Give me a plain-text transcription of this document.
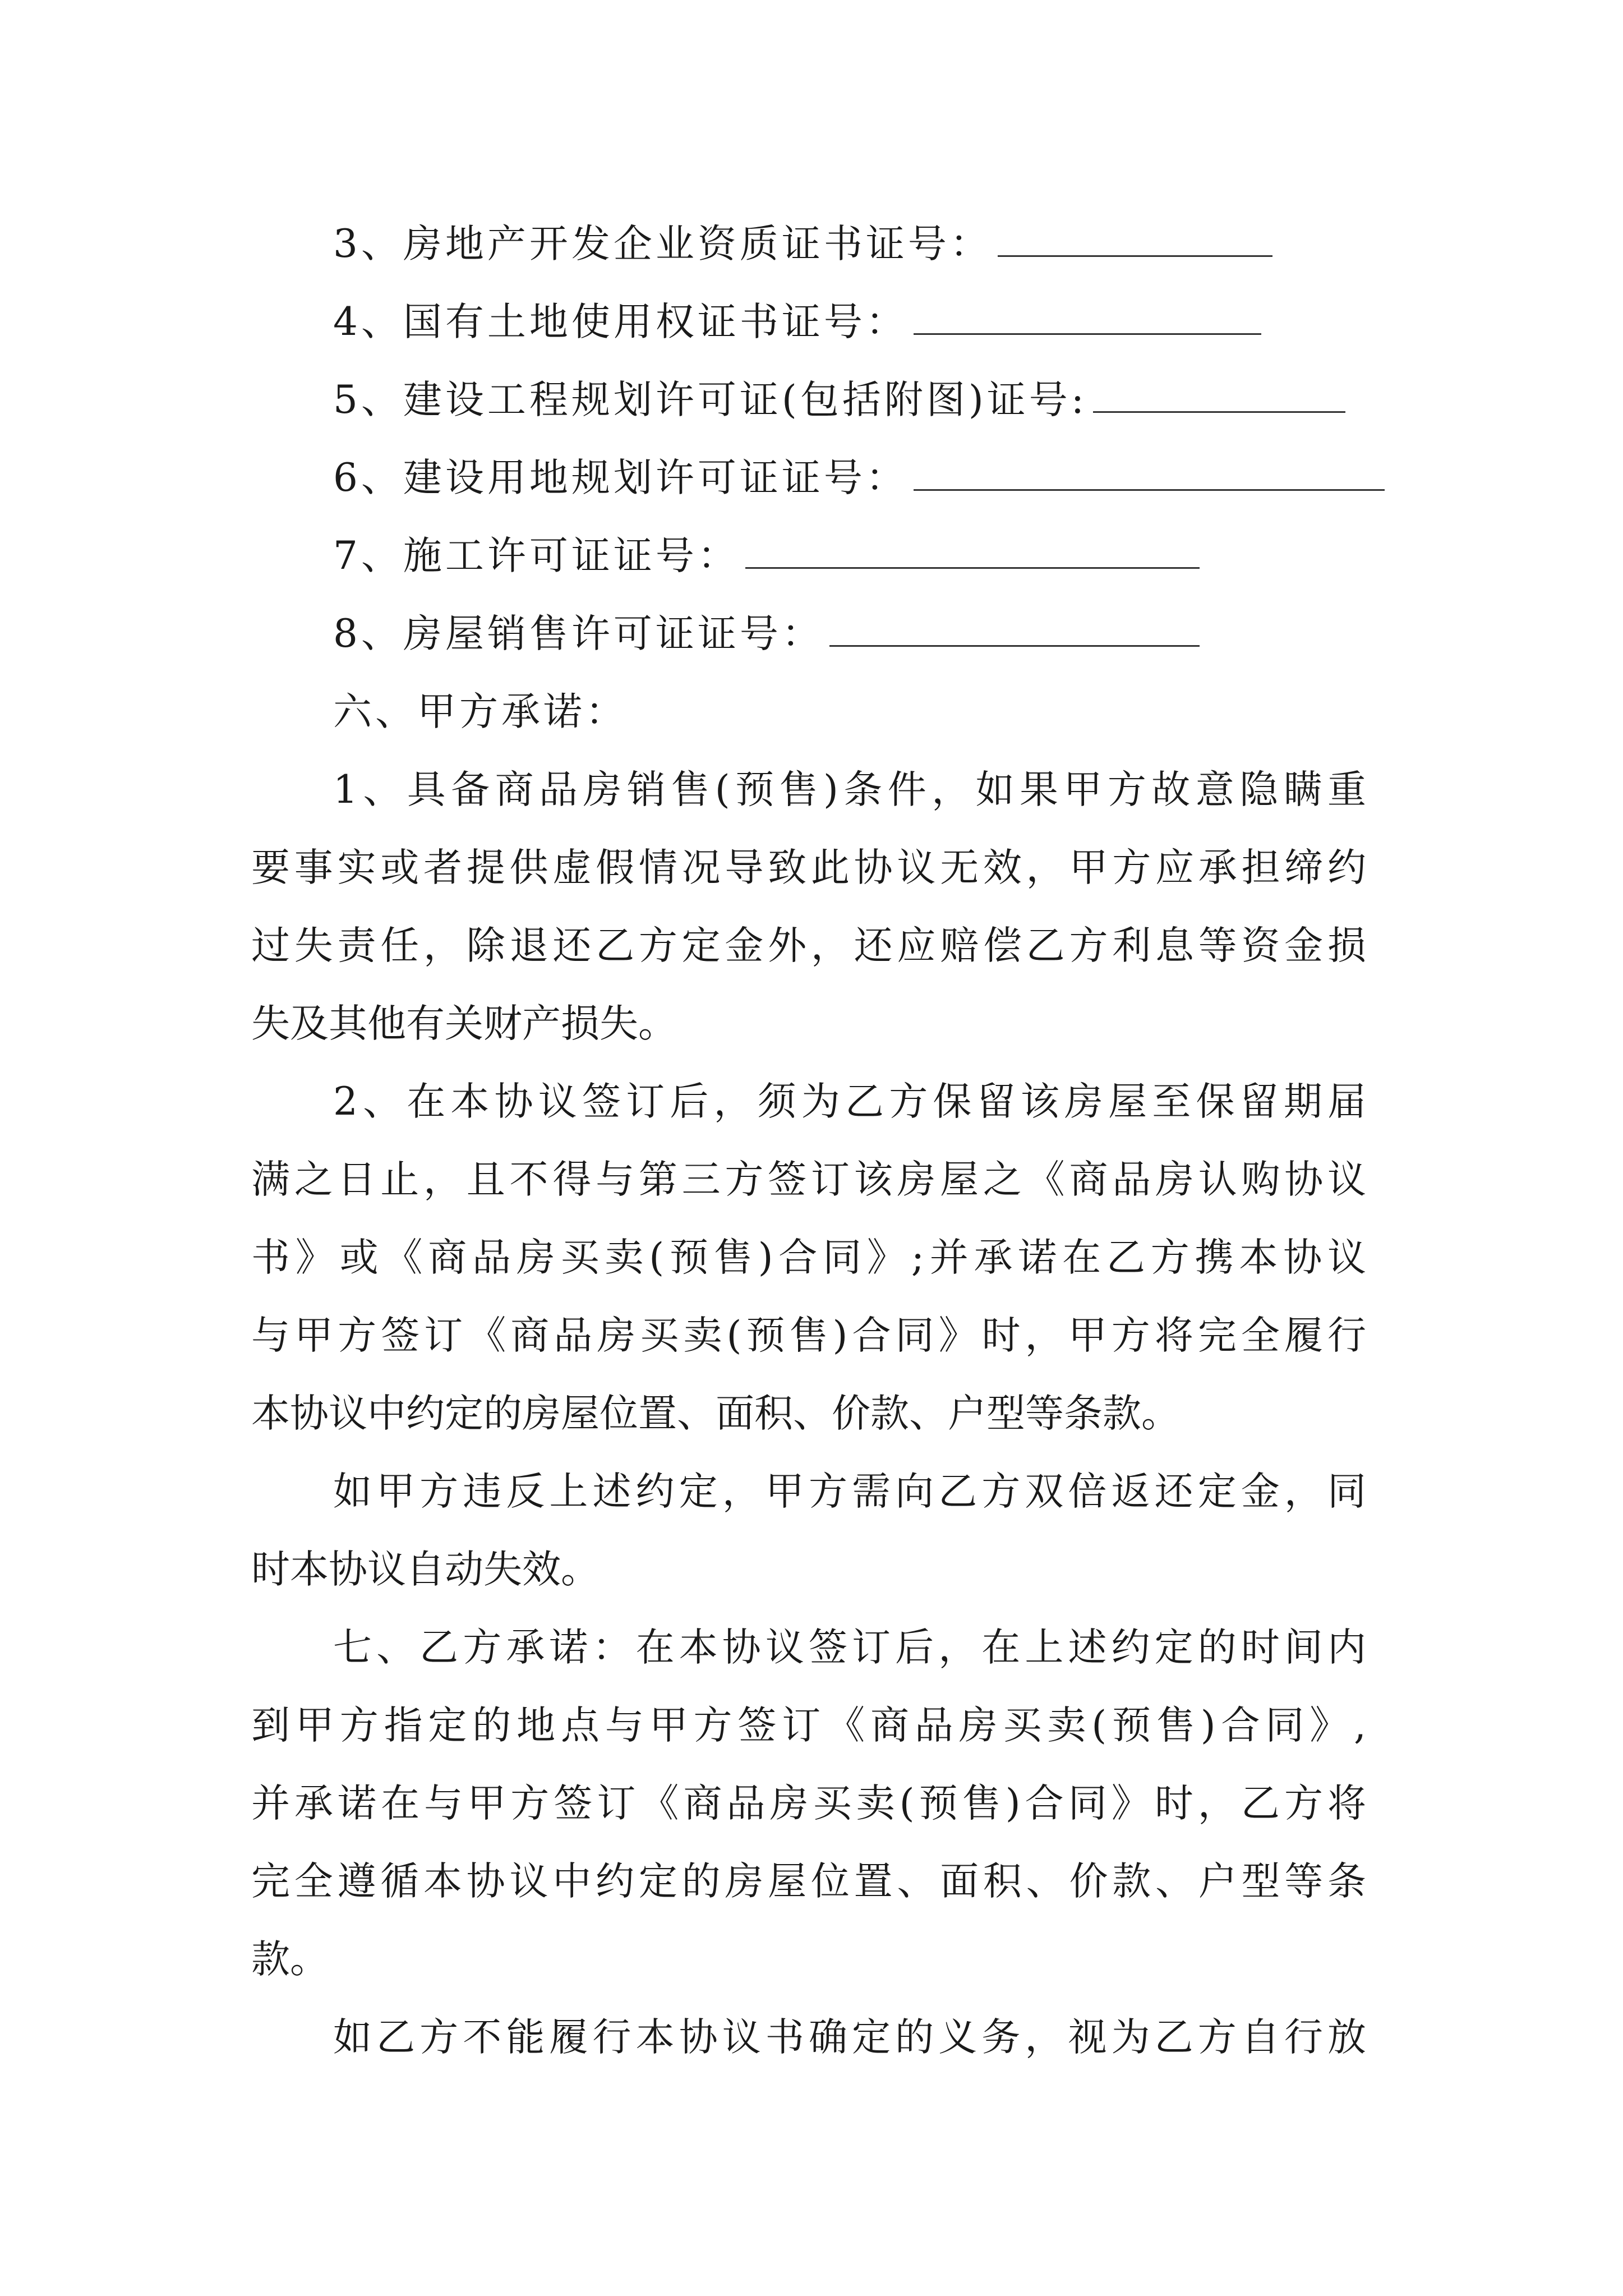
3、房地产开发企业资质证书证号：
4、国有土地使用权证书证号：
5、建设工程规划许可证(包括附图)证号:
6、建设用地规划许可证证号：
7、施工许可证证号：
8、房屋销售许可证证号：
六、甲方承诺：
1、具备商品房销售(预售)条件，如果甲方故意隐瞒重
要事实或者提供虚假情况导致此协议无效，甲方应承担缔约
过失责任，除退还乙方定金外，还应赔偿乙方利息等资金损
失及其他有关财产损失。
2、在本协议签订后，须为乙方保留该房屋至保留期届
满之日止，且不得与第三方签订该房屋之《商品房认购协议
书》或《商品房买卖(预售)合同》;并承诺在乙方携本协议
与甲方签订《商品房买卖(预售)合同》时，甲方将完全履行
本协议中约定的房屋位置、面积、价款、户型等条款。
如甲方违反上述约定，甲方需向乙方双倍返还定金，同
时本协议自动失效。
七、乙方承诺：在本协议签订后，在上述约定的时间内
到甲方指定的地点与甲方签订《商品房买卖(预售)合同》,
并承诺在与甲方签订《商品房买卖(预售)合同》时，乙方将
完全遵循本协议中约定的房屋位置、面积、价款、户型等条
款。
如乙方不能履行本协议书确定的义务，视为乙方自行放
